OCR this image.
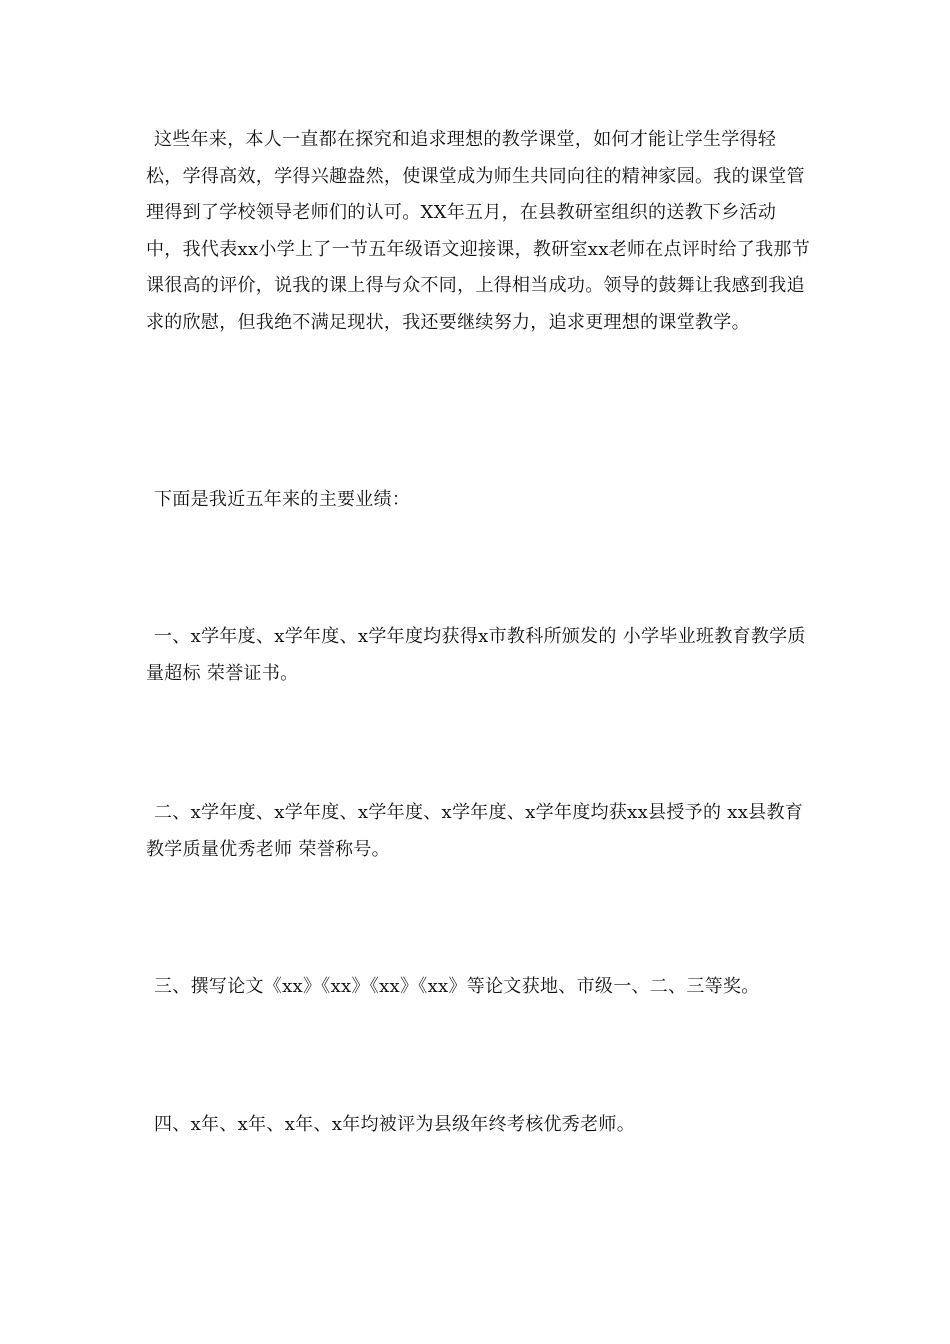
这些年来，本人一直都在探究和追求理想的教学课堂，如何才能让学生学得轻松，学得高效，学得兴趣盎然，使课堂成为师生共同向往的精神家园。我的课堂管理得到了学校领导老师们的认可。XX年五月，在县教研室组织的送教下乡活动中，我代表xx小学上了一节五年级语文迎接课，教研室xx老师在点评时给了我那节课很高的评价，说我的课上得与众不同，上得相当成功。领导的鼓舞让我感到我追求的欣慰，但我绝不满足现状，我还要继续努力，追求更理想的课堂教学。

下面是我近五年来的主要业绩：

一、x学年度、x学年度、x学年度均获得x市教科所颁发的 小学毕业班教育教学质量超标 荣誉证书。

二、x学年度、x学年度、x学年度、x学年度、x学年度均获xx县授予的 xx县教育教学质量优秀老师 荣誉称号。

三、撰写论文《xx》《xx》《xx》《xx》等论文获地、市级一、二、三等奖。

四、x年、x年、x年、x年均被评为县级年终考核优秀老师。
